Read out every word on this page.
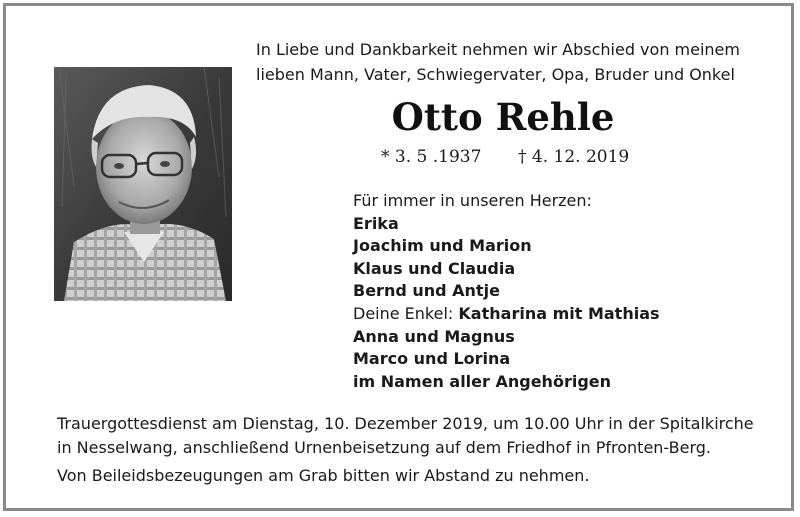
In Liebe und Dankbarkeit nehmen wir Abschied von meinem
lieben Mann, Vater, Schwiegervater, Opa, Bruder und Onkel
Otto Rehle
* 3. 5 .1937 † 4. 12. 2019
Für immer in unseren Herzen:
Erika
Joachim und Marion
Klaus und Claudia
Bernd und Antje
Deine Enkel: Katharina mit Mathias
Anna und Magnus
Marco und Lorina
im Namen aller Angehörigen
Trauergottesdienst am Dienstag, 10. Dezember 2019, um 10.00 Uhr in der Spitalkirche
in Nesselwang, anschließend Urnenbeisetzung auf dem Friedhof in Pfronten-Berg.
Von Beileidsbezeugungen am Grab bitten wir Abstand zu nehmen.
